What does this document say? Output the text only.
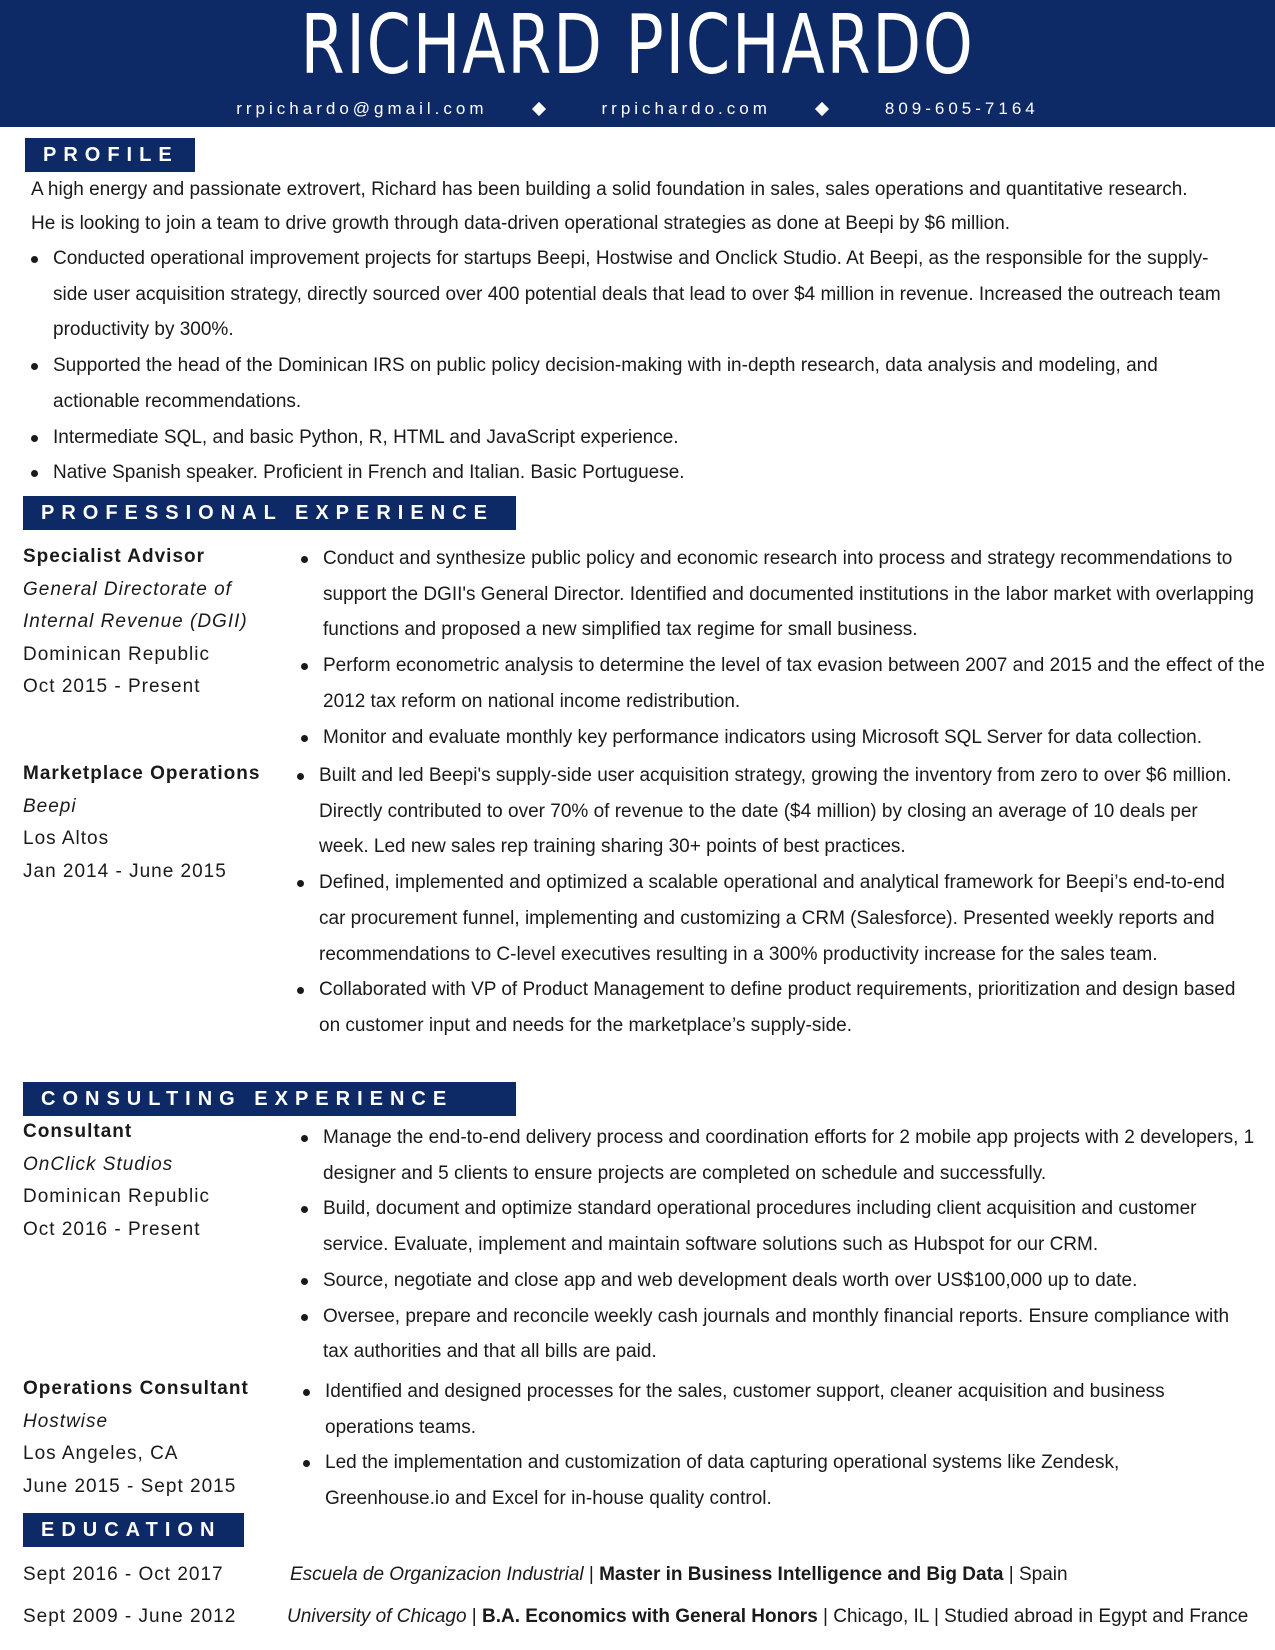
RICHARD PICHARDO
rrpichardo@gmail.com	rrpichardo.com	809-605-7164
PROFILE
A high energy and passionate extrovert, Richard has been building a solid foundation in sales, sales operations and quantitative research.
He is looking to join a team to drive growth through data-driven operational strategies as done at Beepi by $6 million.
Conducted operational improvement projects for startups Beepi, Hostwise and Onclick Studio. At Beepi, as the responsible for the supply-side user acquisition strategy, directly sourced over 400 potential deals that lead to over $4 million in revenue. Increased the outreach team productivity by 300%.
Supported the head of the Dominican IRS on public policy decision-making with in-depth research, data analysis and modeling, and actionable recommendations.
Intermediate SQL, and basic Python, R, HTML and JavaScript experience.
Native Spanish speaker. Proficient in French and Italian. Basic Portuguese.
PROFESSIONAL EXPERIENCE
Specialist Advisor
General Directorate of
Internal Revenue (DGII)
Dominican Republic
Oct 2015 - Present
Conduct and synthesize public policy and economic research into process and strategy recommendations to support the DGII's General Director. Identified and documented institutions in the labor market with overlapping functions and proposed a new simplified tax regime for small business.
Perform econometric analysis to determine the level of tax evasion between 2007 and 2015 and the effect of the 2012 tax reform on national income redistribution.
Monitor and evaluate monthly key performance indicators using Microsoft SQL Server for data collection.
Marketplace Operations
Beepi
Los Altos
Jan 2014 - June 2015
Built and led Beepi's supply-side user acquisition strategy, growing the inventory from zero to over $6 million. Directly contributed to over 70% of revenue to the date ($4 million) by closing an average of 10 deals per week. Led new sales rep training sharing 30+ points of best practices.
Defined, implemented and optimized a scalable operational and analytical framework for Beepi’s end-to-end car procurement funnel, implementing and customizing a CRM (Salesforce). Presented weekly reports and recommendations to C-level executives resulting in a 300% productivity increase for the sales team.
Collaborated with VP of Product Management to define product requirements, prioritization and design based on customer input and needs for the marketplace’s supply-side.
CONSULTING EXPERIENCE
Consultant
OnClick Studios
Dominican Republic
Oct 2016 - Present
Manage the end-to-end delivery process and coordination efforts for 2 mobile app projects with 2 developers, 1 designer and 5 clients to ensure projects are completed on schedule and successfully.
Build, document and optimize standard operational procedures including client acquisition and customer service. Evaluate, implement and maintain software solutions such as Hubspot for our CRM.
Source, negotiate and close app and web development deals worth over US$100,000 up to date.
Oversee, prepare and reconcile weekly cash journals and monthly financial reports. Ensure compliance with tax authorities and that all bills are paid.
Operations Consultant
Hostwise
Los Angeles, CA
June 2015 - Sept 2015
Identified and designed processes for the sales, customer support, cleaner acquisition and business operations teams.
Led the implementation and customization of data capturing operational systems like Zendesk, Greenhouse.io and Excel for in-house quality control.
EDUCATION
Sept 2016 - Oct 2017	Escuela de Organizacion Industrial | Master in Business Intelligence and Big Data | Spain
Sept 2009 - June 2012	University of Chicago | B.A. Economics with General Honors | Chicago, IL | Studied abroad in Egypt and France
